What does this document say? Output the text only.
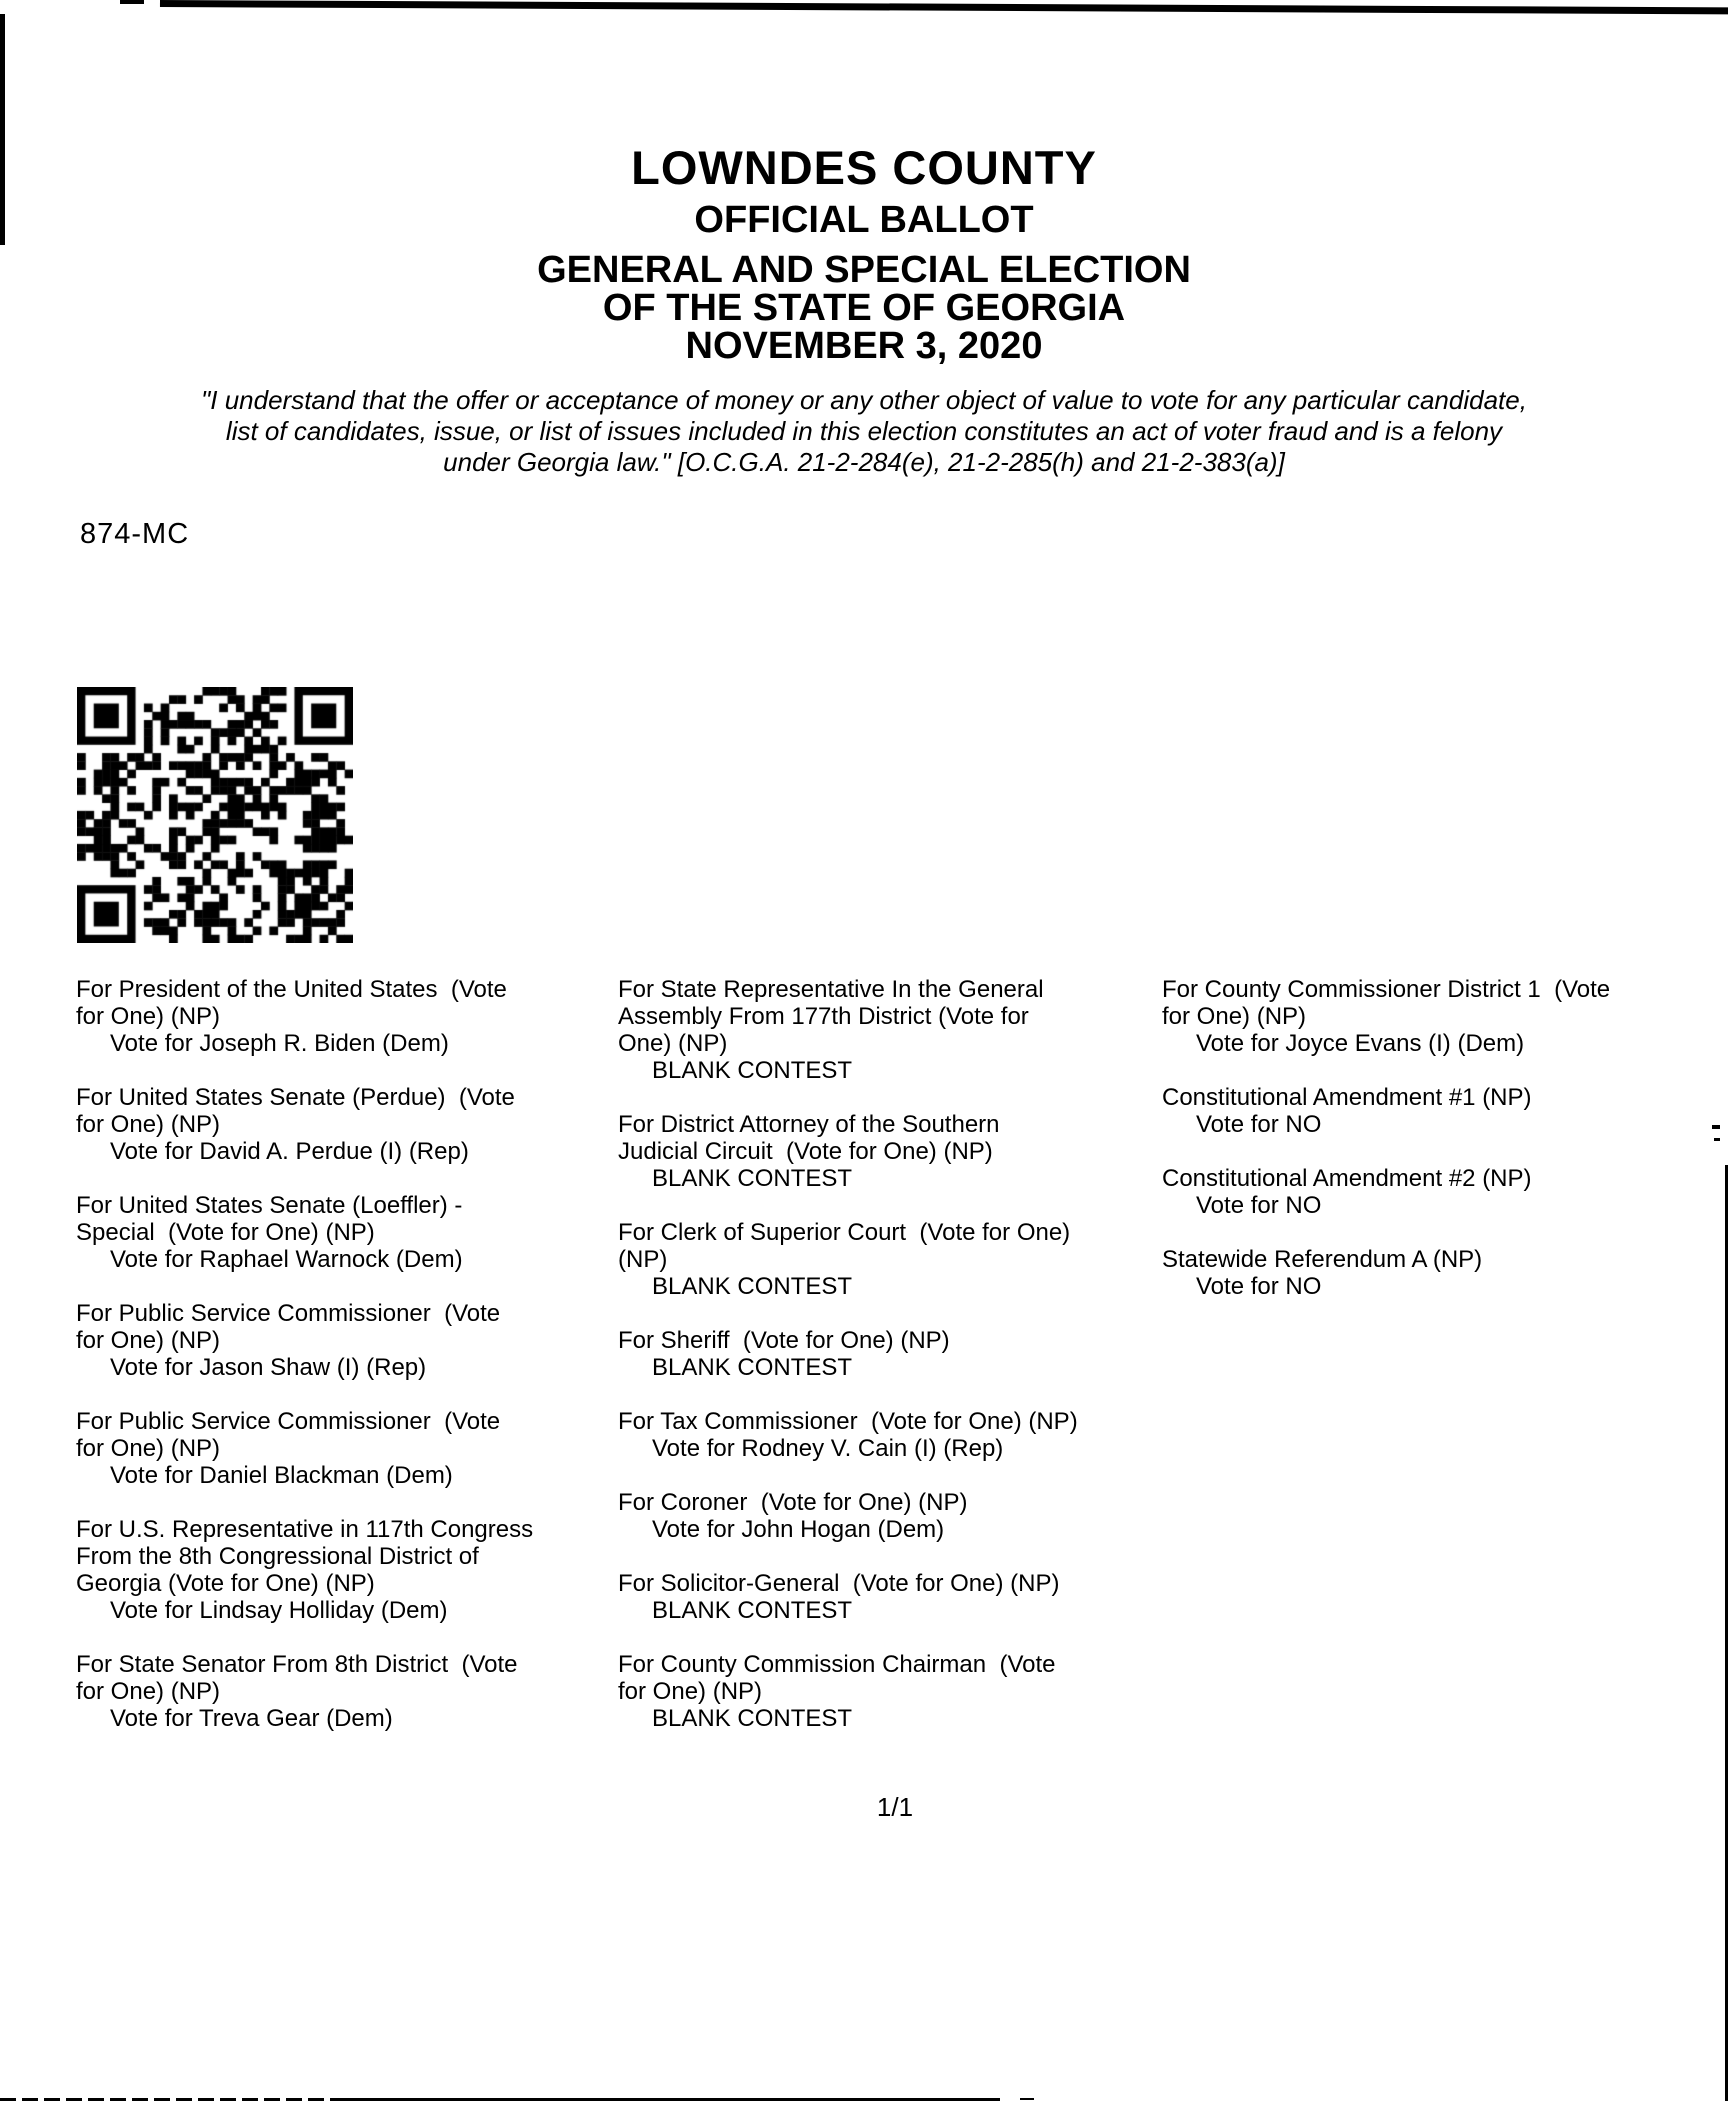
LOWNDES COUNTY
OFFICIAL BALLOT
GENERAL AND SPECIAL ELECTION
OF THE STATE OF GEORGIA
NOVEMBER 3, 2020
"I understand that the offer or acceptance of money or any other object of value to vote for any particular candidate,
list of candidates, issue, or list of issues included in this election constitutes an act of voter fraud and is a felony
under Georgia law." [O.C.G.A. 21-2-284(e), 21-2-285(h) and 21-2-383(a)]
874-MC
For President of the United States  (Vote
for One) (NP)
Vote for Joseph R. Biden (Dem)
For United States Senate (Perdue)  (Vote
for One) (NP)
Vote for David A. Perdue (I) (Rep)
For United States Senate (Loeffler) -
Special  (Vote for One) (NP)
Vote for Raphael Warnock (Dem)
For Public Service Commissioner  (Vote
for One) (NP)
Vote for Jason Shaw (I) (Rep)
For Public Service Commissioner  (Vote
for One) (NP)
Vote for Daniel Blackman (Dem)
For U.S. Representative in 117th Congress
From the 8th Congressional District of
Georgia (Vote for One) (NP)
Vote for Lindsay Holliday (Dem)
For State Senator From 8th District  (Vote
for One) (NP)
Vote for Treva Gear (Dem)
For State Representative In the General
Assembly From 177th District (Vote for
One) (NP)
BLANK CONTEST
For District Attorney of the Southern
Judicial Circuit  (Vote for One) (NP)
BLANK CONTEST
For Clerk of Superior Court  (Vote for One)
(NP)
BLANK CONTEST
For Sheriff  (Vote for One) (NP)
BLANK CONTEST
For Tax Commissioner  (Vote for One) (NP)
Vote for Rodney V. Cain (I) (Rep)
For Coroner  (Vote for One) (NP)
Vote for John Hogan (Dem)
For Solicitor-General  (Vote for One) (NP)
BLANK CONTEST
For County Commission Chairman  (Vote
for One) (NP)
BLANK CONTEST
For County Commissioner District 1  (Vote
for One) (NP)
Vote for Joyce Evans (I) (Dem)
Constitutional Amendment #1 (NP)
Vote for NO
Constitutional Amendment #2 (NP)
Vote for NO
Statewide Referendum A (NP)
Vote for NO
1/1
